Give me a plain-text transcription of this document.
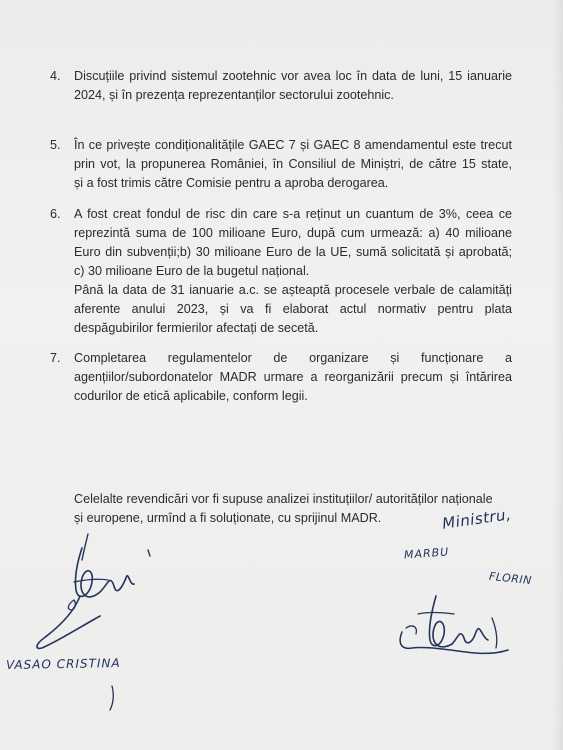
4.	Discuțiile privind sistemul zootehnic vor avea loc în data de luni, 15 ianuarie

2024, și în prezența reprezentanților sectorului zootehnic.

5.	În ce privește condiționalitățile GAEC 7 și GAEC 8 amendamentul este trecut

prin vot, la propunerea României, în Consiliul de Miniștri, de către 15 state,

și a fost trimis către Comisie pentru a aproba derogarea.

6.	A fost creat fondul de risc din care s-a reținut un cuantum de 3%, ceea ce

reprezintă suma de 100 milioane Euro, după cum urmează: a) 40 milioane

Euro din subvenții;b) 30 milioane Euro de la UE, sumă solicitată și aprobată;

c) 30 milioane Euro de la bugetul național.

Până la data de 31 ianuarie a.c. se așteaptă procesele verbale de calamități

aferente anului 2023, și va fi elaborat actul normativ pentru plata

despăgubirilor fermierilor afectați de secetă.

7.	Completarea regulamentelor de organizare și funcționare a

agențiilor/subordonatelor MADR urmare a reorganizării precum și întărirea

codurilor de etică aplicabile, conform legii.

Celelalte revendicări vor fi supuse analizei instituțiilor/ autorităților naționale

și europene, urmînd a fi soluționate, cu sprijinul MADR.

VASAO CRISTINA
Ministru,
MARBU
FLORIN
